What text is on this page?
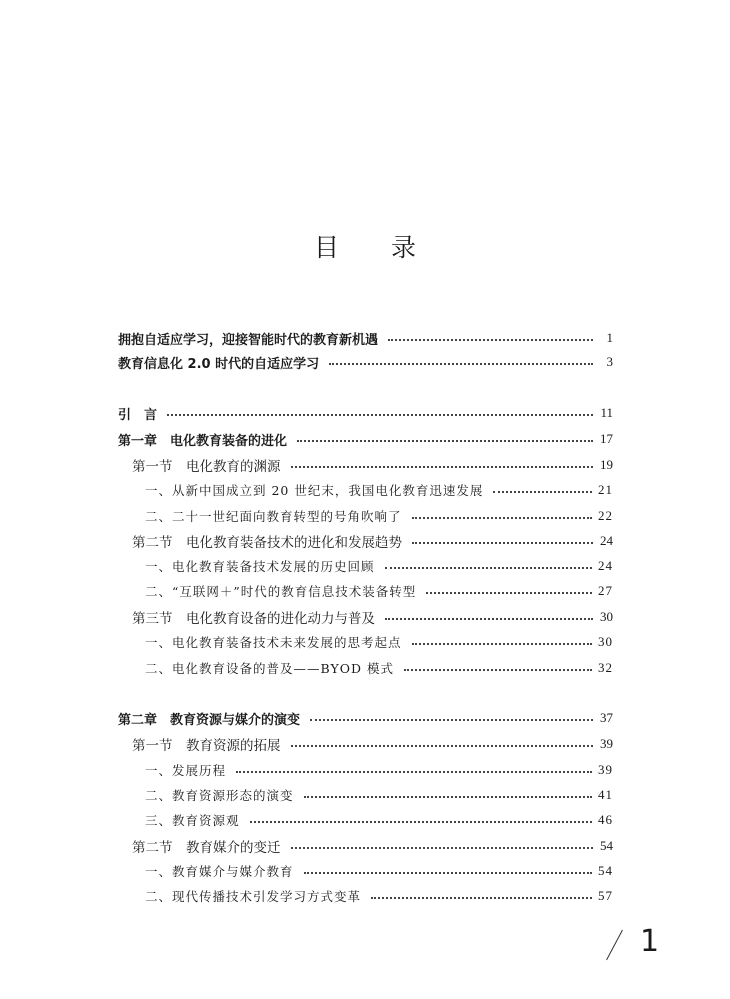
目录
拥抱自适应学习，迎接智能时代的教育新机遇	1
教育信息化 2.0 时代的自适应学习	3
引　言	11
第一章　电化教育装备的进化	17
第一节　电化教育的渊源	19
一、从新中国成立到 20 世纪末，我国电化教育迅速发展	21
二、二十一世纪面向教育转型的号角吹响了	22
第二节　电化教育装备技术的进化和发展趋势	24
一、电化教育装备技术发展的历史回顾	24
二、“互联网＋”时代的教育信息技术装备转型	27
第三节　电化教育设备的进化动力与普及	30
一、电化教育装备技术未来发展的思考起点	30
二、电化教育设备的普及——BYOD 模式	32
第二章　教育资源与媒介的演变	37
第一节　教育资源的拓展	39
一、发展历程	39
二、教育资源形态的演变	41
三、教育资源观	46
第二节　教育媒介的变迁	54
一、教育媒介与媒介教育	54
二、现代传播技术引发学习方式变革	57
1
